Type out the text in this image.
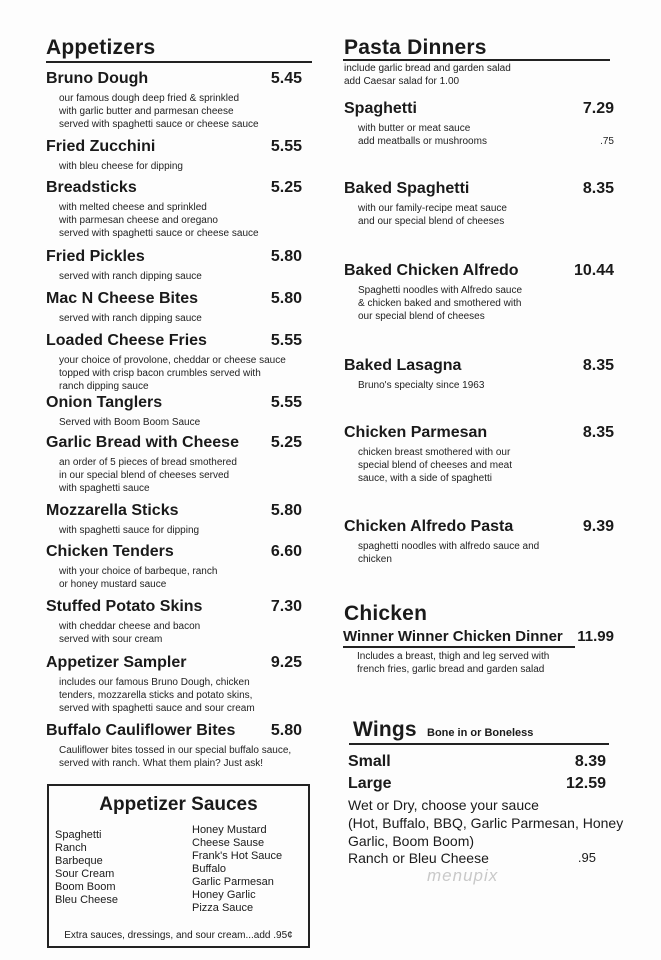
Appetizers
Bruno Dough	5.45
our famous dough deep fried & sprinkled
with garlic butter and parmesan cheese
served with spaghetti sauce or cheese sauce
Fried Zucchini	5.55
with bleu cheese for dipping
Breadsticks	5.25
with melted cheese and sprinkled
with parmesan cheese and oregano
served with spaghetti sauce or cheese sauce
Fried Pickles	5.80
served with ranch dipping sauce
Mac N Cheese Bites	5.80
served with ranch dipping sauce
Loaded Cheese Fries	5.55
your choice of provolone, cheddar or cheese sauce
topped with crisp bacon crumbles served with
ranch dipping sauce
Onion Tanglers	5.55
Served with Boom Boom Sauce
Garlic Bread with Cheese	5.25
an order of 5 pieces of bread smothered
in our special blend of cheeses served
with spaghetti sauce
Mozzarella Sticks	5.80
with spaghetti sauce for dipping
Chicken Tenders	6.60
with your choice of barbeque, ranch
or honey mustard sauce
Stuffed Potato Skins	7.30
with cheddar cheese and bacon
served with sour cream
Appetizer Sampler	9.25
includes our famous Bruno Dough, chicken
tenders, mozzarella sticks and potato skins,
served with spaghetti sauce and sour cream
Buffalo Cauliflower Bites	5.80
Cauliflower bites tossed in our special buffalo sauce,
served with ranch. What them plain? Just ask!
Appetizer Sauces
Spaghetti
Ranch
Barbeque
Sour Cream
Boom Boom
Bleu Cheese
Honey Mustard
Cheese Sause
Frank's Hot Sauce
Buffalo
Garlic Parmesan
Honey Garlic
Pizza Sauce
Extra sauces, dressings, and sour cream...add .95¢
Pasta Dinners
include garlic bread and garden salad
add Caesar salad for 1.00
Spaghetti	7.29
with butter or meat sauce
add meatballs or mushrooms	.75
Baked Spaghetti	8.35
with our family-recipe meat sauce
and our special blend of cheeses
Baked Chicken Alfredo	10.44
Spaghetti noodles with Alfredo sauce
& chicken baked and smothered with
our special blend of cheeses
Baked Lasagna	8.35
Bruno's specialty since 1963
Chicken Parmesan	8.35
chicken breast smothered with our
special blend of cheeses and meat
sauce, with a side of spaghetti
Chicken Alfredo Pasta	9.39
spaghetti noodles with alfredo sauce and
chicken
Chicken
Winner Winner Chicken Dinner 11.99
Includes a breast, thigh and leg served with
french fries, garlic bread and garden salad
Wings Bone in or Boneless
Small	8.39
Large	12.59
Wet or Dry, choose your sauce
(Hot, Buffalo, BBQ, Garlic Parmesan, Honey
Garlic, Boom Boom)
Ranch or Bleu Cheese	.95
menupix
